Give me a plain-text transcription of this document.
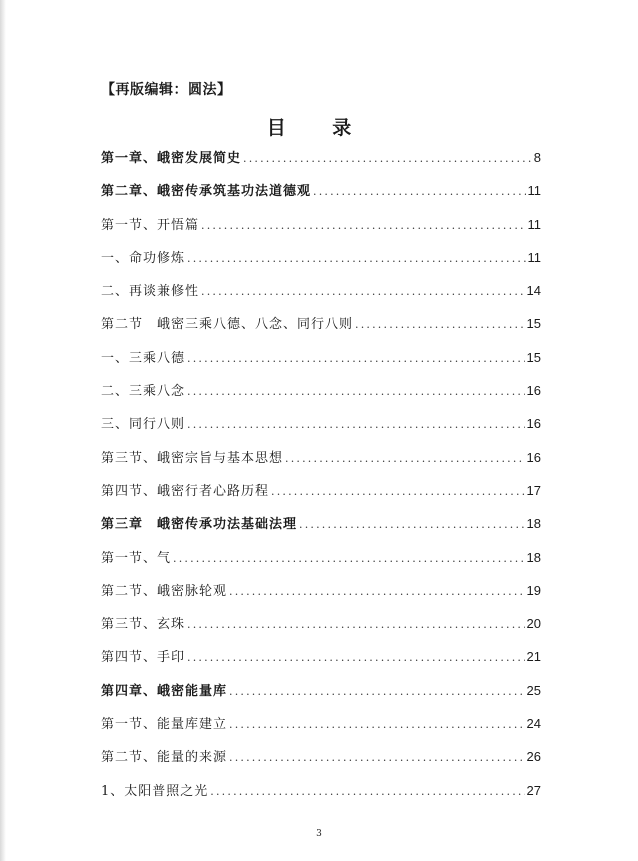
【再版编辑：圆法】
目 录
第一章、峨密发展简史 .....	8
第二章、峨密传承筑基功法道德观 .....	11
第一节、开悟篇 .....	11
一、命功修炼 .....	11
二、再谈兼修性 .....	14
第二节　峨密三乘八德、八念、同行八则 .....	15
一、三乘八德 .....	15
二、三乘八念 .....	16
三、同行八则 .....	16
第三节、峨密宗旨与基本思想 .....	16
第四节、峨密行者心路历程 .....	17
第三章　峨密传承功法基础法理 .....	18
第一节、气 .....	18
第二节、峨密脉轮观 .....	19
第三节、玄珠 .....	20
第四节、手印 .....	21
第四章、峨密能量库 .....	25
第一节、能量库建立 .....	24
第二节、能量的来源 .....	26
1、太阳普照之光 .....	27
3
